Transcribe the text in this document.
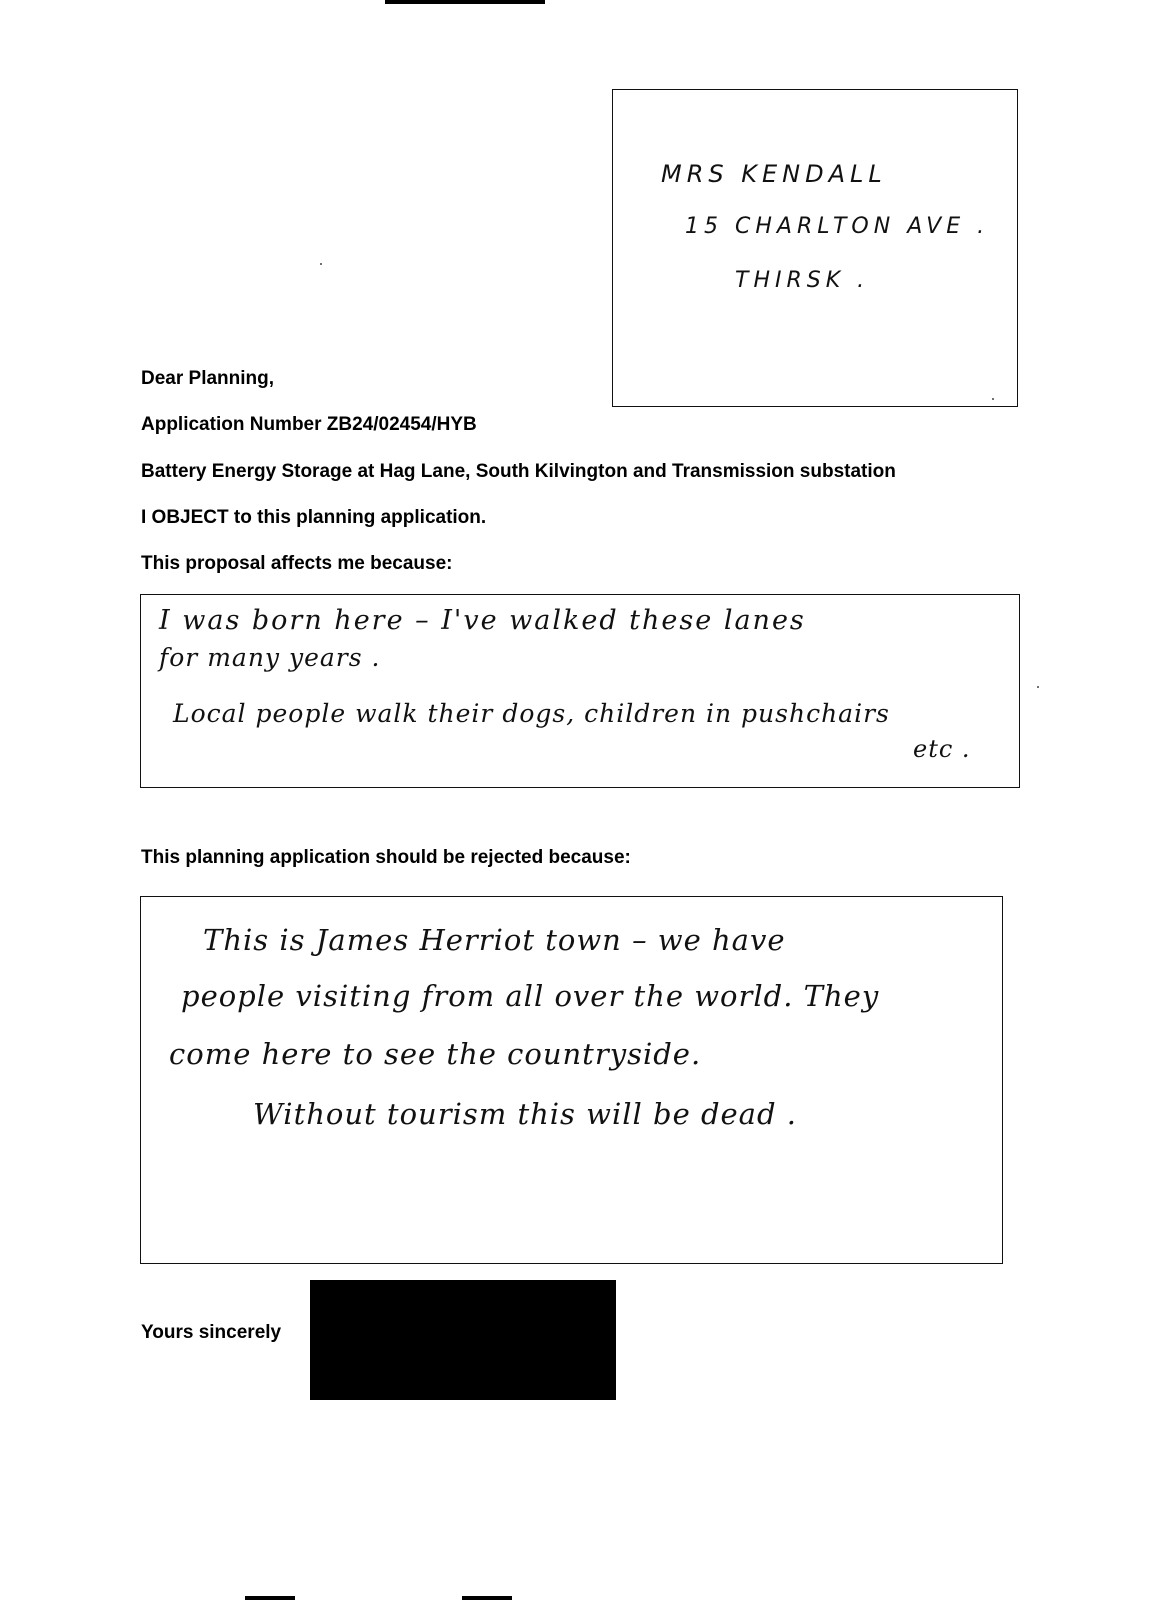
MRS KENDALL
15 CHARLTON AVE .
THIRSK .
Dear Planning,
Application Number ZB24/02454/HYB
Battery Energy Storage at Hag Lane, South Kilvington and Transmission substation
I OBJECT to this planning application.
This proposal affects me because:
I was born here – I've walked these lanes
for many years .
Local people walk their dogs, children in pushchairs
etc .
This planning application should be rejected because:
This is James Herriot town – we have
people visiting from all over the world. They
come here to see the countryside.
Without tourism this will be dead .
Yours sincerely
